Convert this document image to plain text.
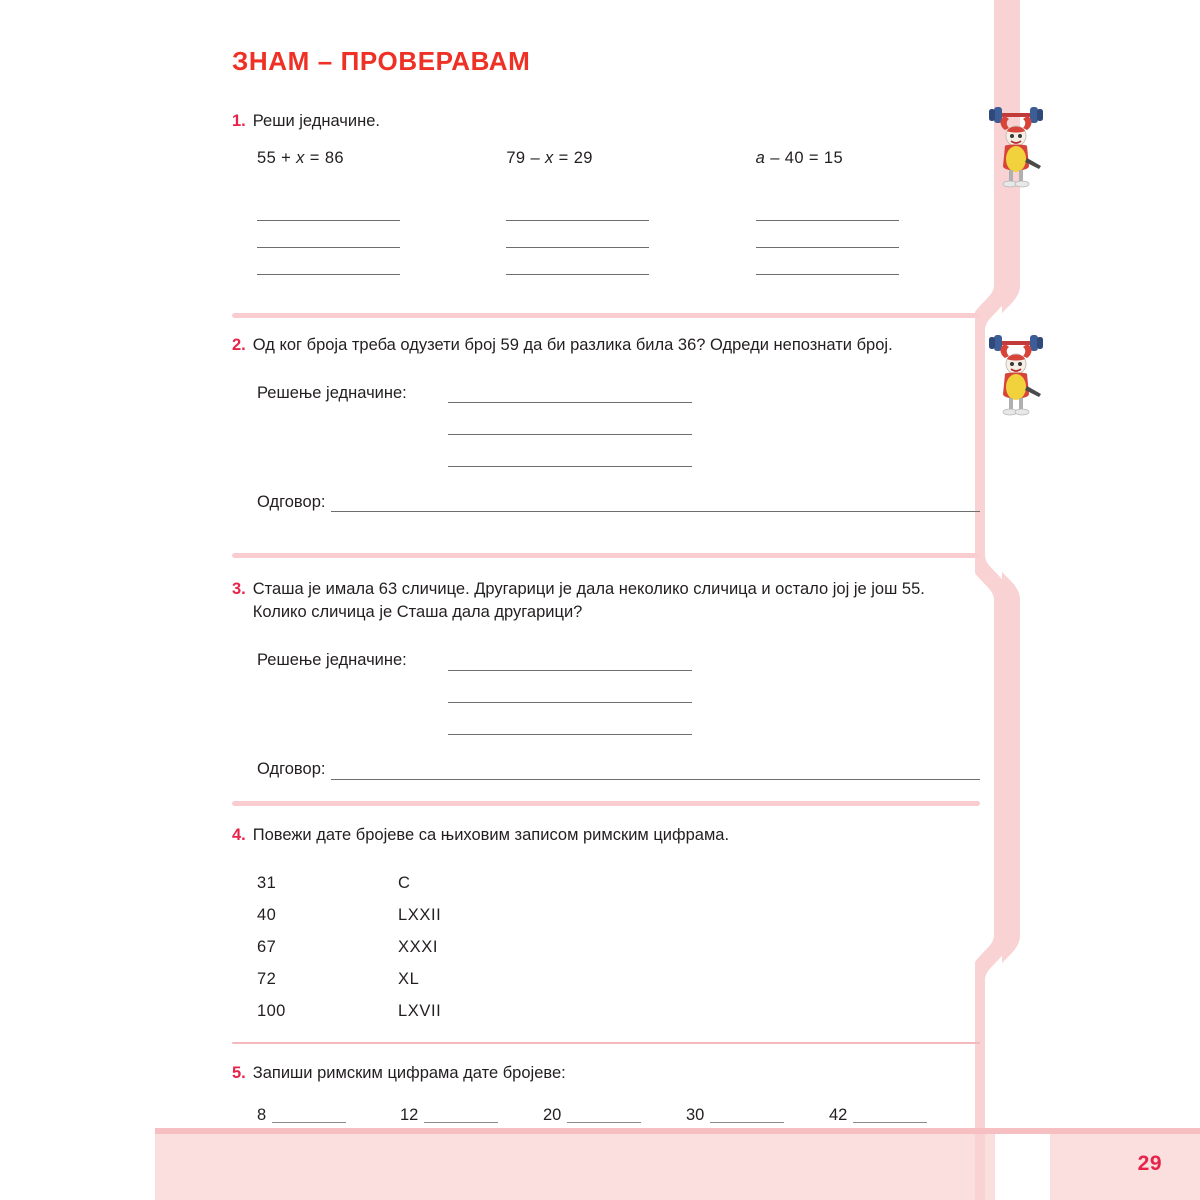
29
ЗНАМ – ПРОВЕРАВАМ
1. Реши једначине.
55 + x = 86	79 – x = 29	a – 40 = 15
2. Од ког броја треба одузети број 59 да би разлика била 36? Одреди непознати број.
Решење једначине:
Одговор:
3. Сташа је имала 63 сличице. Другарици је дала неколико сличица и остало јој је још 55. Колико сличица је Сташа дала другарици?
Решење једначине:
Одговор:
4. Повежи дате бројеве са њиховим записом римским цифрама.
31	C
40	LXXII
67	XXXI
72	XL
100	LXVII
5. Запиши римским цифрама дате бројеве:
8	12	20	30	42
